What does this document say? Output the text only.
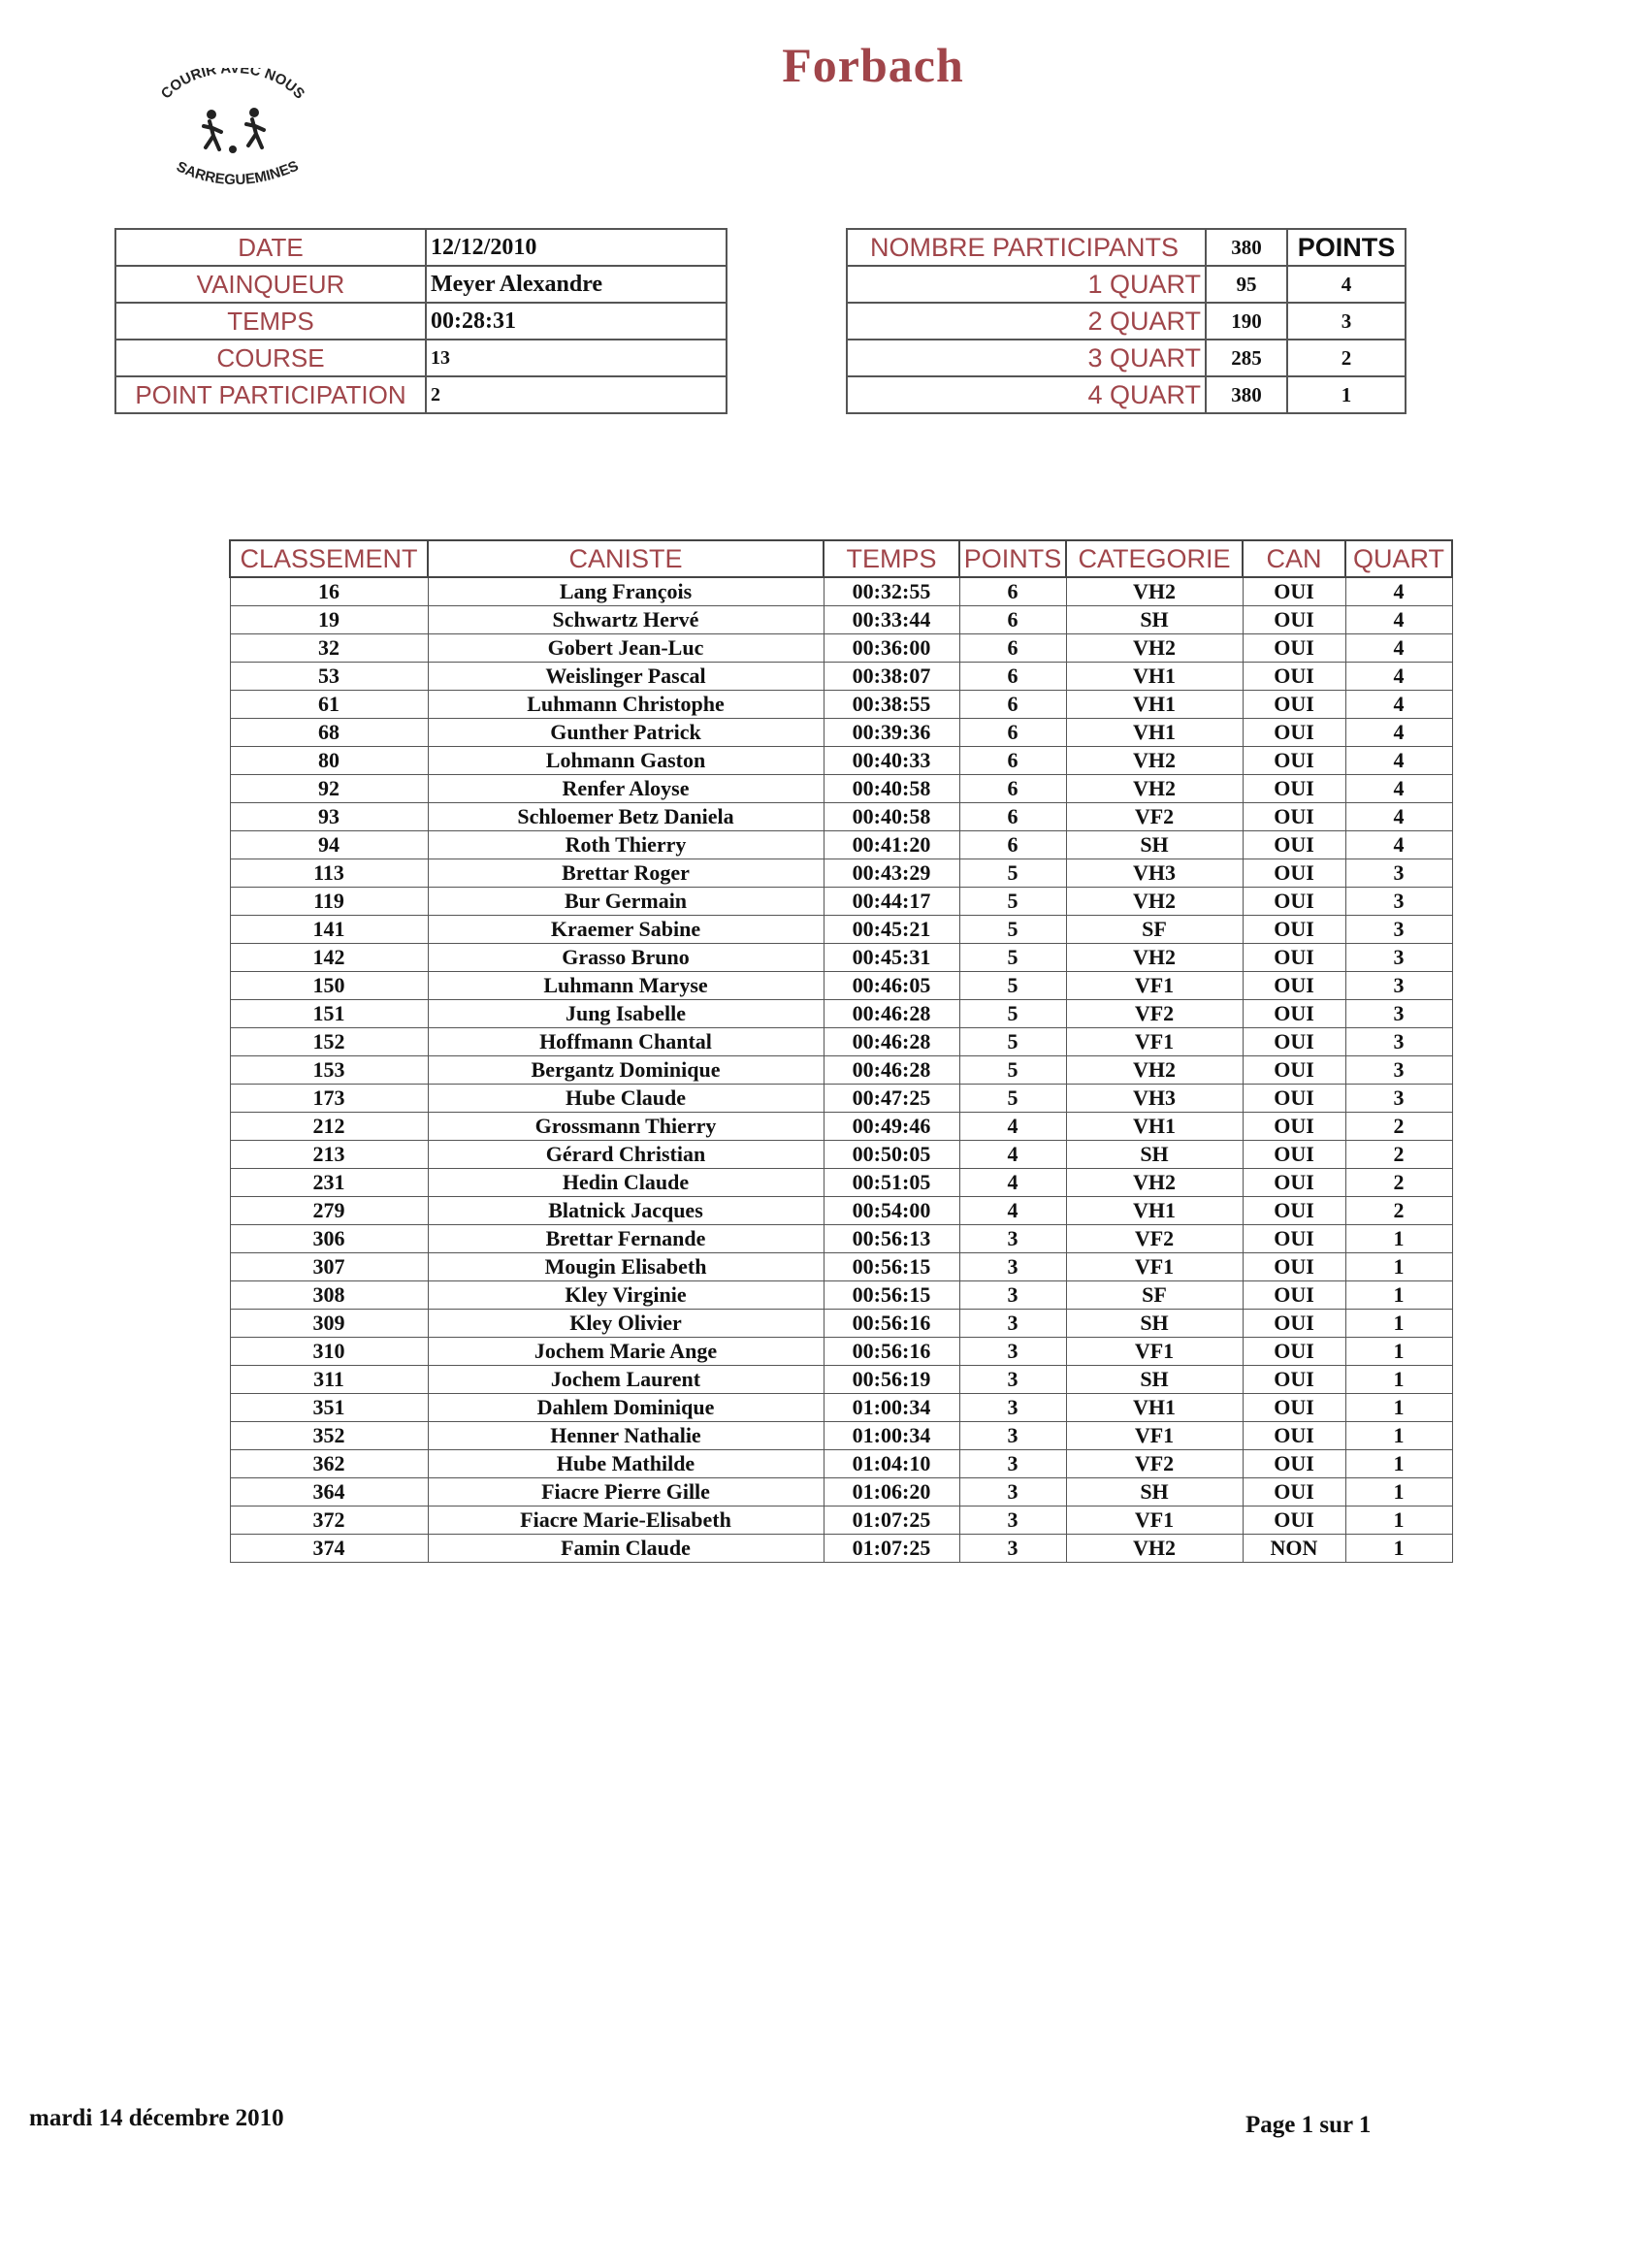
COURIR AVEC NOUS
SARREGUEMINES
Forbach
DATE	12/12/2010
VAINQUEUR	Meyer Alexandre
TEMPS	00:28:31
COURSE	13
POINT PARTICIPATION	2
NOMBRE PARTICIPANTS	380	POINTS
1 QUART	95	4
2 QUART	190	3
3 QUART	285	2
4 QUART	380	1
CLASSEMENT	CANISTE	TEMPS	POINTS	CATEGORIE	CAN	QUART
16	Lang François	00:32:55	6	VH2	OUI	4
19	Schwartz Hervé	00:33:44	6	SH	OUI	4
32	Gobert Jean-Luc	00:36:00	6	VH2	OUI	4
53	Weislinger Pascal	00:38:07	6	VH1	OUI	4
61	Luhmann Christophe	00:38:55	6	VH1	OUI	4
68	Gunther Patrick	00:39:36	6	VH1	OUI	4
80	Lohmann Gaston	00:40:33	6	VH2	OUI	4
92	Renfer Aloyse	00:40:58	6	VH2	OUI	4
93	Schloemer Betz Daniela	00:40:58	6	VF2	OUI	4
94	Roth Thierry	00:41:20	6	SH	OUI	4
113	Brettar Roger	00:43:29	5	VH3	OUI	3
119	Bur Germain	00:44:17	5	VH2	OUI	3
141	Kraemer Sabine	00:45:21	5	SF	OUI	3
142	Grasso Bruno	00:45:31	5	VH2	OUI	3
150	Luhmann Maryse	00:46:05	5	VF1	OUI	3
151	Jung Isabelle	00:46:28	5	VF2	OUI	3
152	Hoffmann Chantal	00:46:28	5	VF1	OUI	3
153	Bergantz Dominique	00:46:28	5	VH2	OUI	3
173	Hube Claude	00:47:25	5	VH3	OUI	3
212	Grossmann Thierry	00:49:46	4	VH1	OUI	2
213	Gérard Christian	00:50:05	4	SH	OUI	2
231	Hedin Claude	00:51:05	4	VH2	OUI	2
279	Blatnick Jacques	00:54:00	4	VH1	OUI	2
306	Brettar Fernande	00:56:13	3	VF2	OUI	1
307	Mougin Elisabeth	00:56:15	3	VF1	OUI	1
308	Kley Virginie	00:56:15	3	SF	OUI	1
309	Kley Olivier	00:56:16	3	SH	OUI	1
310	Jochem Marie Ange	00:56:16	3	VF1	OUI	1
311	Jochem Laurent	00:56:19	3	SH	OUI	1
351	Dahlem Dominique	01:00:34	3	VH1	OUI	1
352	Henner Nathalie	01:00:34	3	VF1	OUI	1
362	Hube Mathilde	01:04:10	3	VF2	OUI	1
364	Fiacre Pierre Gille	01:06:20	3	SH	OUI	1
372	Fiacre Marie-Elisabeth	01:07:25	3	VF1	OUI	1
374	Famin Claude	01:07:25	3	VH2	NON	1
mardi 14 décembre 2010	Page 1 sur 1
